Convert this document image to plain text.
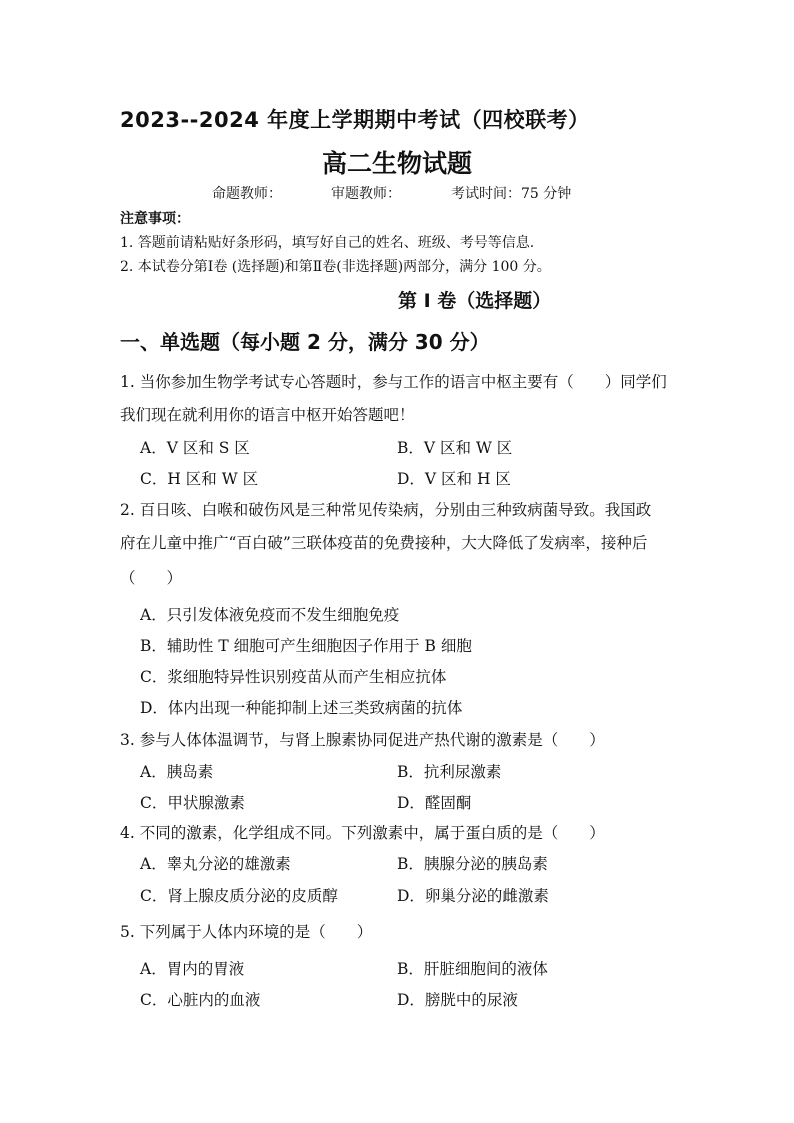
2023--2024 年度上学期期中考试（四校联考）
高二生物试题
命题教师：	审题教师：	考试时间：75 分钟
注意事项：
1. 答题前请粘贴好条形码，填写好自己的姓名、班级、考号等信息.
2. 本试卷分第Ⅰ卷 (选择题)和第Ⅱ卷(非选择题)两部分，满分 100 分。
第 Ⅰ 卷（选择题）
一、单选题（每小题 2 分，满分 30 分）
1. 当你参加生物学考试专心答题时，参与工作的语言中枢主要有（　　）同学们
我们现在就利用你的语言中枢开始答题吧！
A．V 区和 S 区	B．V 区和 W 区
C．H 区和 W 区	D．V 区和 H 区
2. 百日咳、白喉和破伤风是三种常见传染病，分别由三种致病菌导致。我国政
府在儿童中推广“百白破”三联体疫苗的免费接种，大大降低了发病率，接种后
（　　）
A．只引发体液免疫而不发生细胞免疫
B．辅助性 T 细胞可产生细胞因子作用于 B 细胞
C．浆细胞特异性识别疫苗从而产生相应抗体
D．体内出现一种能抑制上述三类致病菌的抗体
3. 参与人体体温调节，与肾上腺素协同促进产热代谢的激素是（　　）
A．胰岛素	B．抗利尿激素
C．甲状腺激素	D．醛固酮
4. 不同的激素，化学组成不同。下列激素中，属于蛋白质的是（　　）
A．睾丸分泌的雄激素	B．胰腺分泌的胰岛素
C．肾上腺皮质分泌的皮质醇	D．卵巢分泌的雌激素
5. 下列属于人体内环境的是（　　）
A．胃内的胃液	B．肝脏细胞间的液体
C．心脏内的血液	D．膀胱中的尿液
